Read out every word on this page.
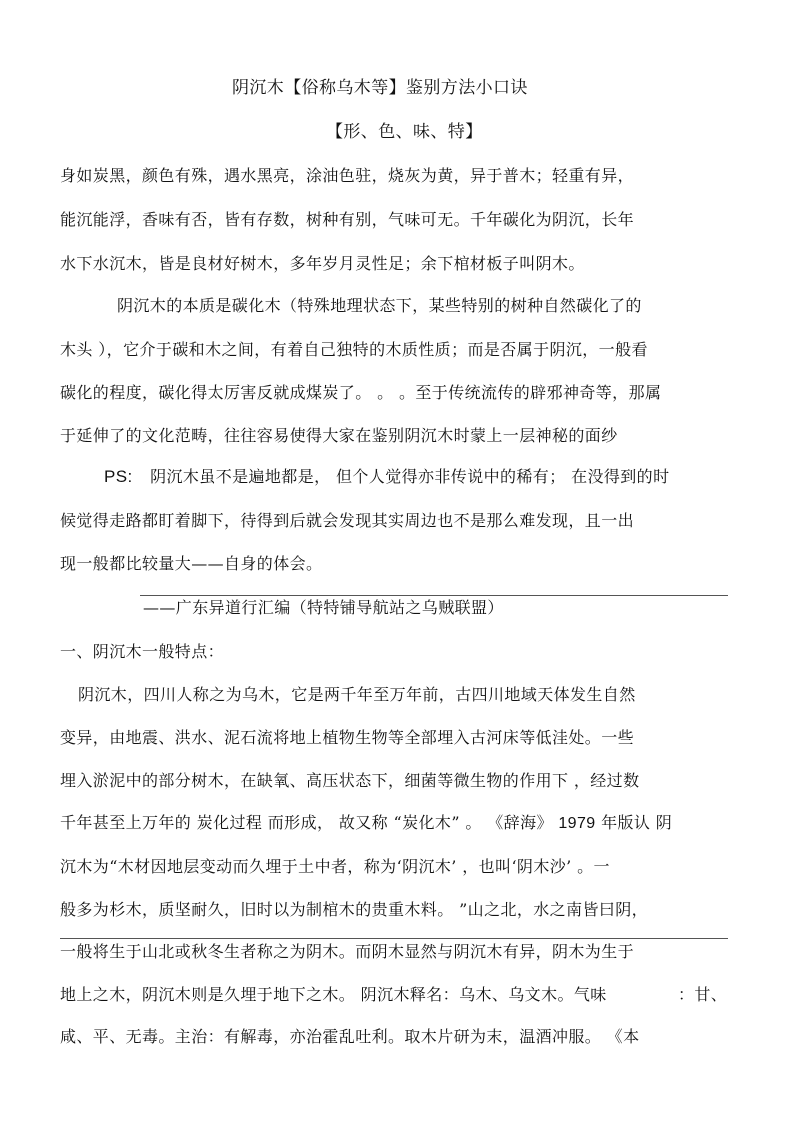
阴沉木【俗称乌木等】鉴别方法小口诀
【形、色、味、特】
身如炭黑，颜色有殊，遇水黑亮，涂油色驻，烧灰为黄，异于普木；轻重有异，
能沉能浮，香味有否，皆有存数，树种有别，气味可无。千年碳化为阴沉，长年
水下水沉木，皆是良材好树木，多年岁月灵性足；余下棺材板子叫阴木。
阴沉木的本质是碳化木（特殊地理状态下，某些特别的树种自然碳化了的
木头 ），它介于碳和木之间，有着自己独特的木质性质；而是否属于阴沉，一般看
碳化的程度，碳化得太厉害反就成煤炭了。 。 。至于传统流传的辟邪神奇等，那属
于延伸了的文化范畴，往往容易使得大家在鉴别阴沉木时蒙上一层神秘的面纱
PS: 阴沉木虽不是遍地都是， 但个人觉得亦非传说中的稀有； 在没得到的时
候觉得走路都盯着脚下，待得到后就会发现其实周边也不是那么难发现，且一出
现一般都比较量大——自身的体会。
——广东异道行汇编（特特铺导航站之乌贼联盟）
一、阴沉木一般特点：
阴沉木，四川人称之为乌木，它是两千年至万年前，古四川地域天体发生自然
变异，由地震、洪水、泥石流将地上植物生物等全部埋入古河床等低洼处。一些
埋入淤泥中的部分树木，在缺氧、高压状态下，细菌等微生物的作用下 ，经过数
千年甚至上万年的 炭化过程 而形成， 故又称 “炭化木” 。 《辞海》 1979 年版认 阴
沉木为“木材因地层变动而久埋于土中者，称为‘阴沉木’ ，也叫‘阴木沙’ 。一
般多为杉木，质坚耐久，旧时以为制棺木的贵重木料。 ”山之北，水之南皆曰阴，
一般将生于山北或秋冬生者称之为阴木。而阴木显然与阴沉木有异，阴木为生于
地上之木，阴沉木则是久埋于地下之木。 阴沉木释名：乌木、乌文木。气味	：甘、
咸、平、无毒。主治：有解毒，亦治霍乱吐利。取木片研为末，温酒冲服。 《本
